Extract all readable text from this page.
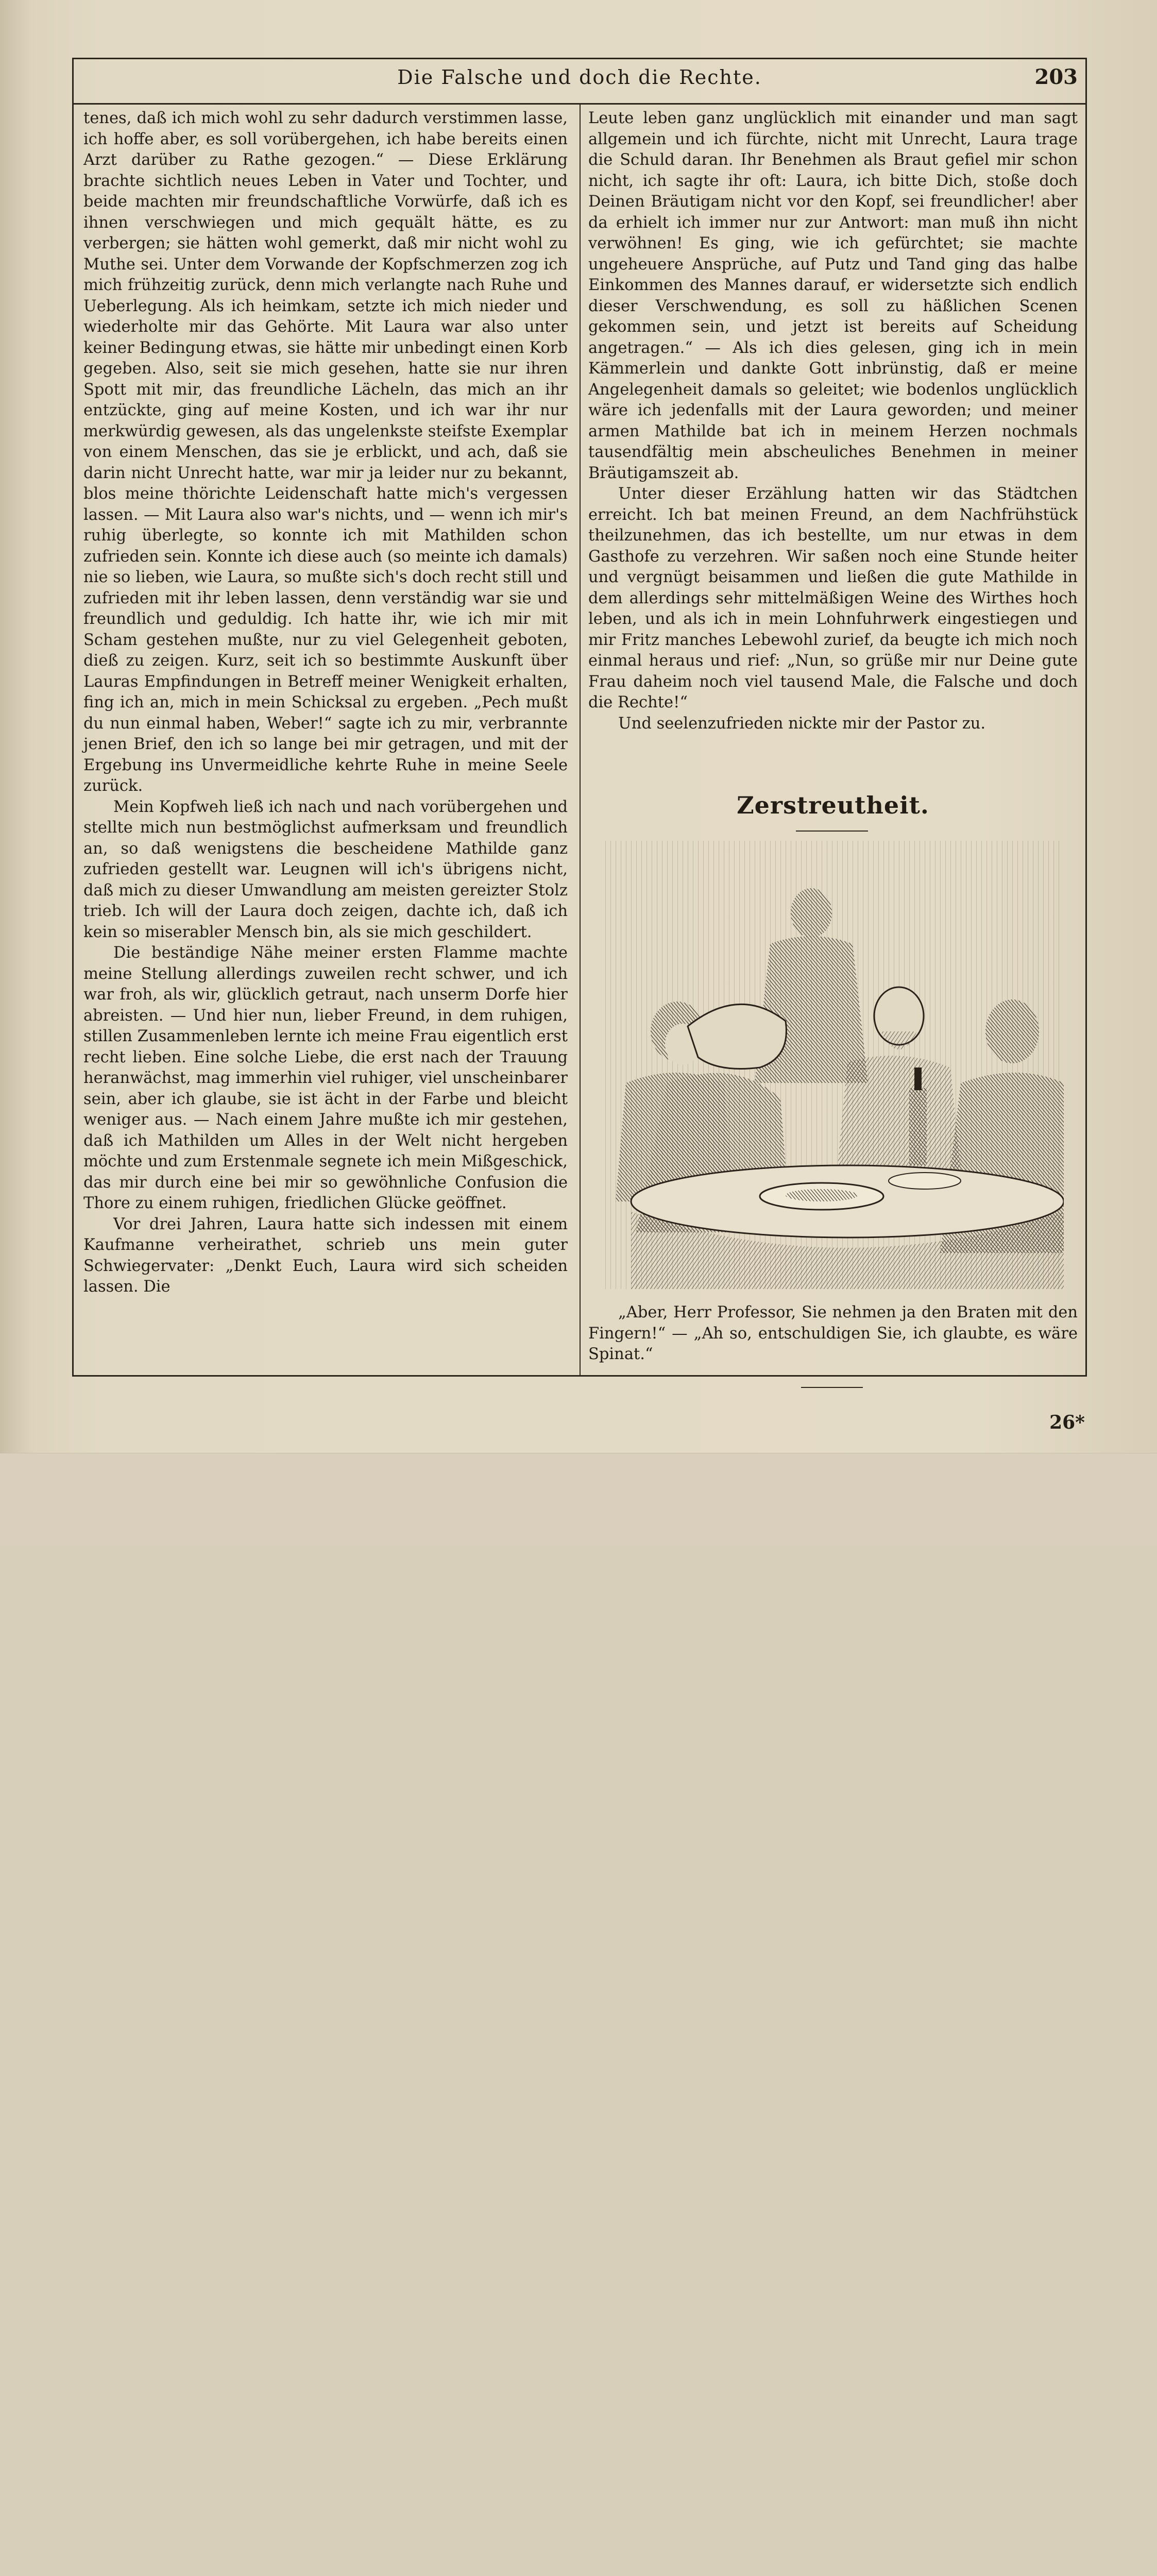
Die Falsche und doch die Rechte.	203

tenes, daß ich mich wohl zu sehr dadurch verstimmen lasse, ich hoffe aber, es soll vorübergehen, ich habe bereits einen Arzt darüber zu Rathe gezogen.“ — Diese Erklärung brachte sichtlich neues Leben in Vater und Tochter, und beide machten mir freundschaftliche Vorwürfe, daß ich es ihnen verschwiegen und mich gequält hätte, es zu verbergen; sie hätten wohl gemerkt, daß mir nicht wohl zu Muthe sei. Unter dem Vorwande der Kopfschmerzen zog ich mich frühzeitig zurück, denn mich verlangte nach Ruhe und Ueberlegung. Als ich heimkam, setzte ich mich nieder und wiederholte mir das Gehörte. Mit Laura war also unter keiner Bedingung etwas, sie hätte mir unbedingt einen Korb gegeben. Also, seit sie mich gesehen, hatte sie nur ihren Spott mit mir, das freundliche Lächeln, das mich an ihr entzückte, ging auf meine Kosten, und ich war ihr nur merkwürdig gewesen, als das ungelenkste steifste Exemplar von einem Menschen, das sie je erblickt, und ach, daß sie darin nicht Unrecht hatte, war mir ja leider nur zu bekannt, blos meine thörichte Leidenschaft hatte mich's vergessen lassen. — Mit Laura also war's nichts, und — wenn ich mir's ruhig überlegte, so konnte ich mit Mathilden schon zufrieden sein. Konnte ich diese auch (so meinte ich damals) nie so lieben, wie Laura, so mußte sich's doch recht still und zufrieden mit ihr leben lassen, denn verständig war sie und freundlich und geduldig. Ich hatte ihr, wie ich mir mit Scham gestehen mußte, nur zu viel Gelegenheit geboten, dieß zu zeigen. Kurz, seit ich so bestimmte Auskunft über Lauras Empfindungen in Betreff meiner Wenigkeit erhalten, fing ich an, mich in mein Schicksal zu ergeben. „Pech mußt du nun einmal haben, Weber!“ sagte ich zu mir, verbrannte jenen Brief, den ich so lange bei mir getragen, und mit der Ergebung ins Unvermeidliche kehrte Ruhe in meine Seele zurück.

Mein Kopfweh ließ ich nach und nach vorübergehen und stellte mich nun bestmöglichst aufmerksam und freundlich an, so daß wenigstens die bescheidene Mathilde ganz zufrieden gestellt war. Leugnen will ich's übrigens nicht, daß mich zu dieser Umwandlung am meisten gereizter Stolz trieb. Ich will der Laura doch zeigen, dachte ich, daß ich kein so miserabler Mensch bin, als sie mich geschildert.

Die beständige Nähe meiner ersten Flamme machte meine Stellung allerdings zuweilen recht schwer, und ich war froh, als wir, glücklich getraut, nach unserm Dorfe hier abreisten. — Und hier nun, lieber Freund, in dem ruhigen, stillen Zusammenleben lernte ich meine Frau eigentlich erst recht lieben. Eine solche Liebe, die erst nach der Trauung heranwächst, mag immerhin viel ruhiger, viel unscheinbarer sein, aber ich glaube, sie ist ächt in der Farbe und bleicht weniger aus. — Nach einem Jahre mußte ich mir gestehen, daß ich Mathilden um Alles in der Welt nicht hergeben möchte und zum Erstenmale segnete ich mein Mißgeschick, das mir durch eine bei mir so gewöhnliche Confusion die Thore zu einem ruhigen, friedlichen Glücke geöffnet.

Vor drei Jahren, Laura hatte sich indessen mit einem Kaufmanne verheirathet, schrieb uns mein guter Schwiegervater: „Denkt Euch, Laura wird sich scheiden lassen. Die

Leute leben ganz unglücklich mit einander und man sagt allgemein und ich fürchte, nicht mit Unrecht, Laura trage die Schuld daran. Ihr Benehmen als Braut gefiel mir schon nicht, ich sagte ihr oft: Laura, ich bitte Dich, stoße doch Deinen Bräutigam nicht vor den Kopf, sei freundlicher! aber da erhielt ich immer nur zur Antwort: man muß ihn nicht verwöhnen! Es ging, wie ich gefürchtet; sie machte ungeheuere Ansprüche, auf Putz und Tand ging das halbe Einkommen des Mannes darauf, er widersetzte sich endlich dieser Verschwendung, es soll zu häßlichen Scenen gekommen sein, und jetzt ist bereits auf Scheidung angetragen.“ — Als ich dies gelesen, ging ich in mein Kämmerlein und dankte Gott inbrünstig, daß er meine Angelegenheit damals so geleitet; wie bodenlos unglücklich wäre ich jedenfalls mit der Laura geworden; und meiner armen Mathilde bat ich in meinem Herzen nochmals tausendfältig mein abscheuliches Benehmen in meiner Bräutigamszeit ab.

Unter dieser Erzählung hatten wir das Städtchen erreicht. Ich bat meinen Freund, an dem Nachfrühstück theilzunehmen, das ich bestellte, um nur etwas in dem Gasthofe zu verzehren. Wir saßen noch eine Stunde heiter und vergnügt beisammen und ließen die gute Mathilde in dem allerdings sehr mittelmäßigen Weine des Wirthes hoch leben, und als ich in mein Lohnfuhrwerk eingestiegen und mir Fritz manches Lebewohl zurief, da beugte ich mich noch einmal heraus und rief: „Nun, so grüße mir nur Deine gute Frau daheim noch viel tausend Male, die Falsche und doch die Rechte!“

Und seelenzufrieden nickte mir der Pastor zu.

Zerstreutheit.

„Aber, Herr Professor, Sie nehmen ja den Braten mit den Fingern!“ — „Ah so, entschuldigen Sie, ich glaubte, es wäre Spinat.“

26*
